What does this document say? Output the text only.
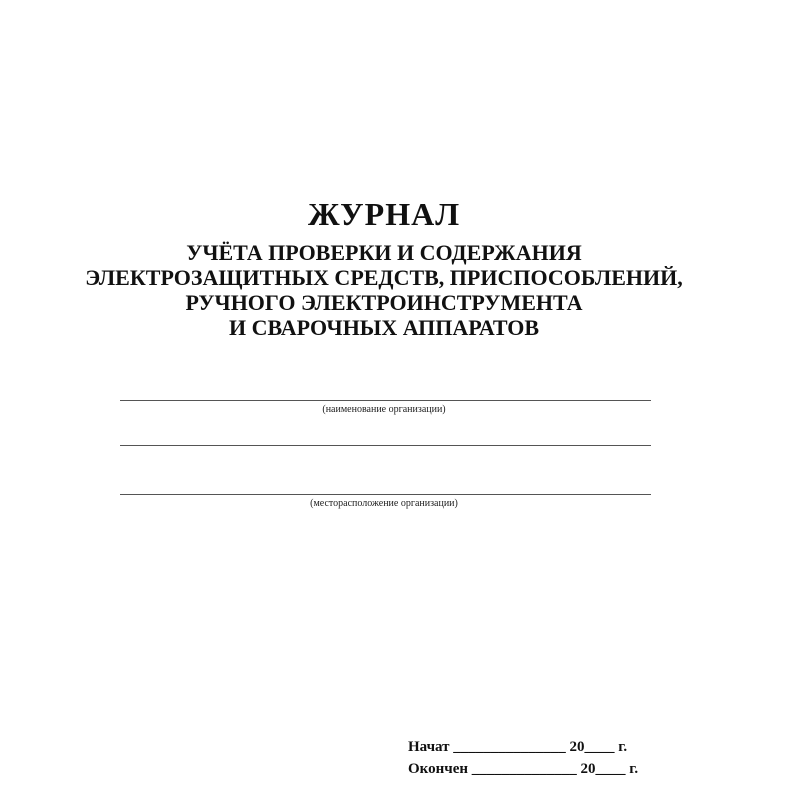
ЖУРНАЛ
УЧЁТА ПРОВЕРКИ И СОДЕРЖАНИЯ
ЭЛЕКТРОЗАЩИТНЫХ СРЕДСТВ, ПРИСПОСОБЛЕНИЙ,
РУЧНОГО ЭЛЕКТРОИНСТРУМЕНТА
И СВАРОЧНЫХ АППАРАТОВ
(наименование организации)
(месторасположение организации)
Начат _______________ 20____ г.
Окончен ______________ 20____ г.
